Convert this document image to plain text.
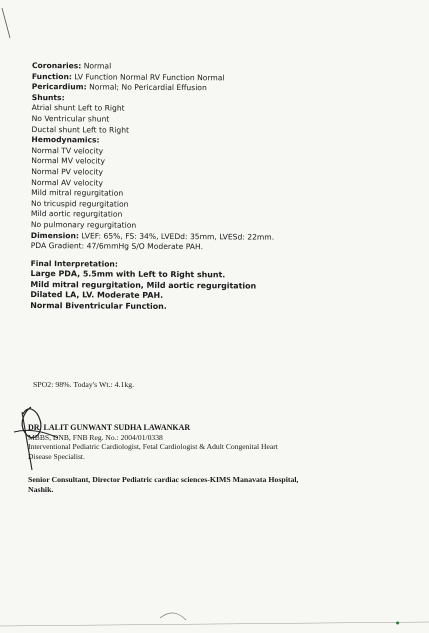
Coronaries: Normal
Function: LV Function Normal RV Function Normal
Pericardium: Normal; No Pericardial Effusion
Shunts:
Atrial shunt Left to Right
No Ventricular shunt
Ductal shunt Left to Right
Hemodynamics:
Normal TV velocity
Normal MV velocity
Normal PV velocity
Normal AV velocity
Mild mitral regurgitation
No tricuspid regurgitation
Mild aortic regurgitation
No pulmonary regurgitation
Dimension: LVEF: 65%, FS: 34%, LVEDd: 35mm, LVESd: 22mm.
PDA Gradient: 47/6mmHg S/O Moderate PAH.
Final Interpretation:
Large PDA, 5.5mm with Left to Right shunt.
Mild mitral regurgitation, Mild aortic regurgitation
Dilated LA, LV. Moderate PAH.
Normal Biventricular Function.
SPO2: 98%. Today's Wt.: 4.1kg.
DR. LALIT GUNWANT SUDHA LAWANKAR
MBBS, DNB, FNB Reg. No.: 2004/01/0338
Interventional Pediatric Cardiologist, Fetal Cardiologist & Adult Congenital Heart
Disease Specialist.
Senior Consultant, Director Pediatric cardiac sciences-KIMS Manavata Hospital,
Nashik.
●
